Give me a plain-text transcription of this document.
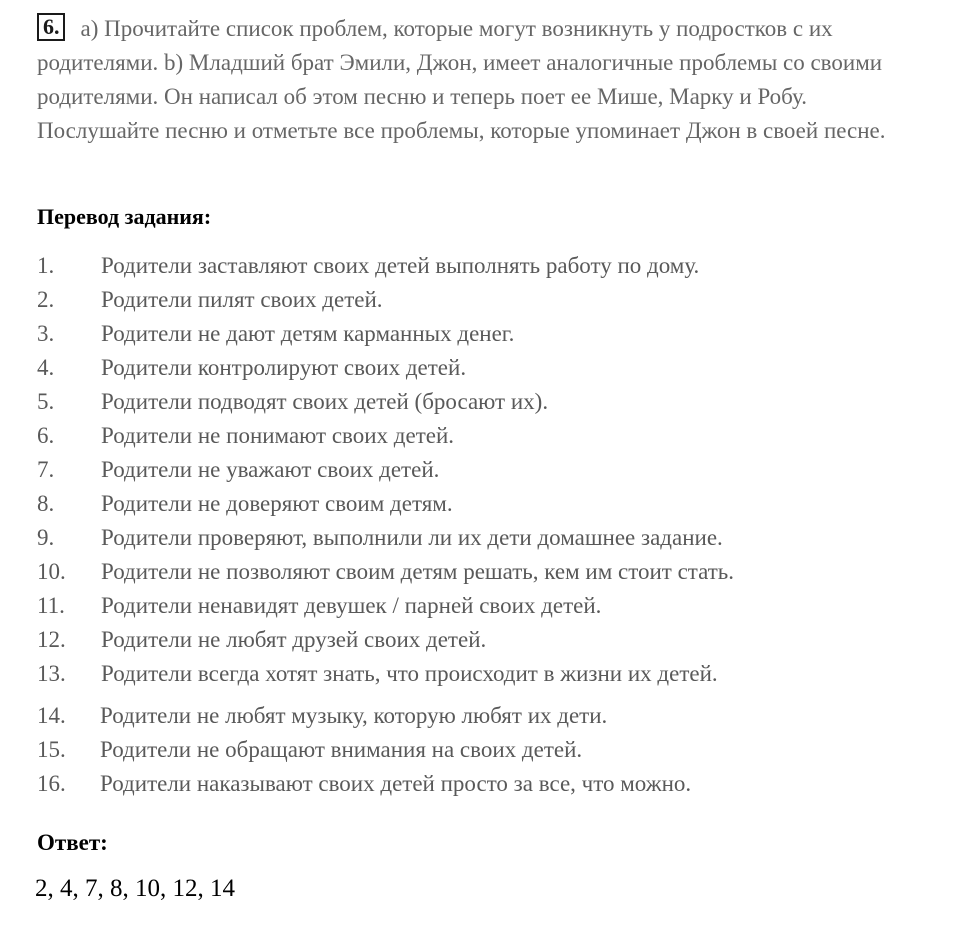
6. a) Прочитайте список проблем, которые могут возникнуть у подростков с их родителями. b) Младший брат Эмили, Джон, имеет аналогичные проблемы со своими родителями. Он написал об этом песню и теперь поет ее Мише, Марку и Робу. Послушайте песню и отметьте все проблемы, которые упоминает Джон в своей песне.
Перевод задания:
1. Родители заставляют своих детей выполнять работу по дому.
2. Родители пилят своих детей.
3. Родители не дают детям карманных денег.
4. Родители контролируют своих детей.
5. Родители подводят своих детей (бросают их).
6. Родители не понимают своих детей.
7. Родители не уважают своих детей.
8. Родители не доверяют своим детям.
9. Родители проверяют, выполнили ли их дети домашнее задание.
10. Родители не позволяют своим детям решать, кем им стоит стать.
11. Родители ненавидят девушек / парней своих детей.
12. Родители не любят друзей своих детей.
13. Родители всегда хотят знать, что происходит в жизни их детей.
14. Родители не любят музыку, которую любят их дети.
15. Родители не обращают внимания на своих детей.
16. Родители наказывают своих детей просто за все, что можно.
Ответ:
2, 4, 7, 8, 10, 12, 14
